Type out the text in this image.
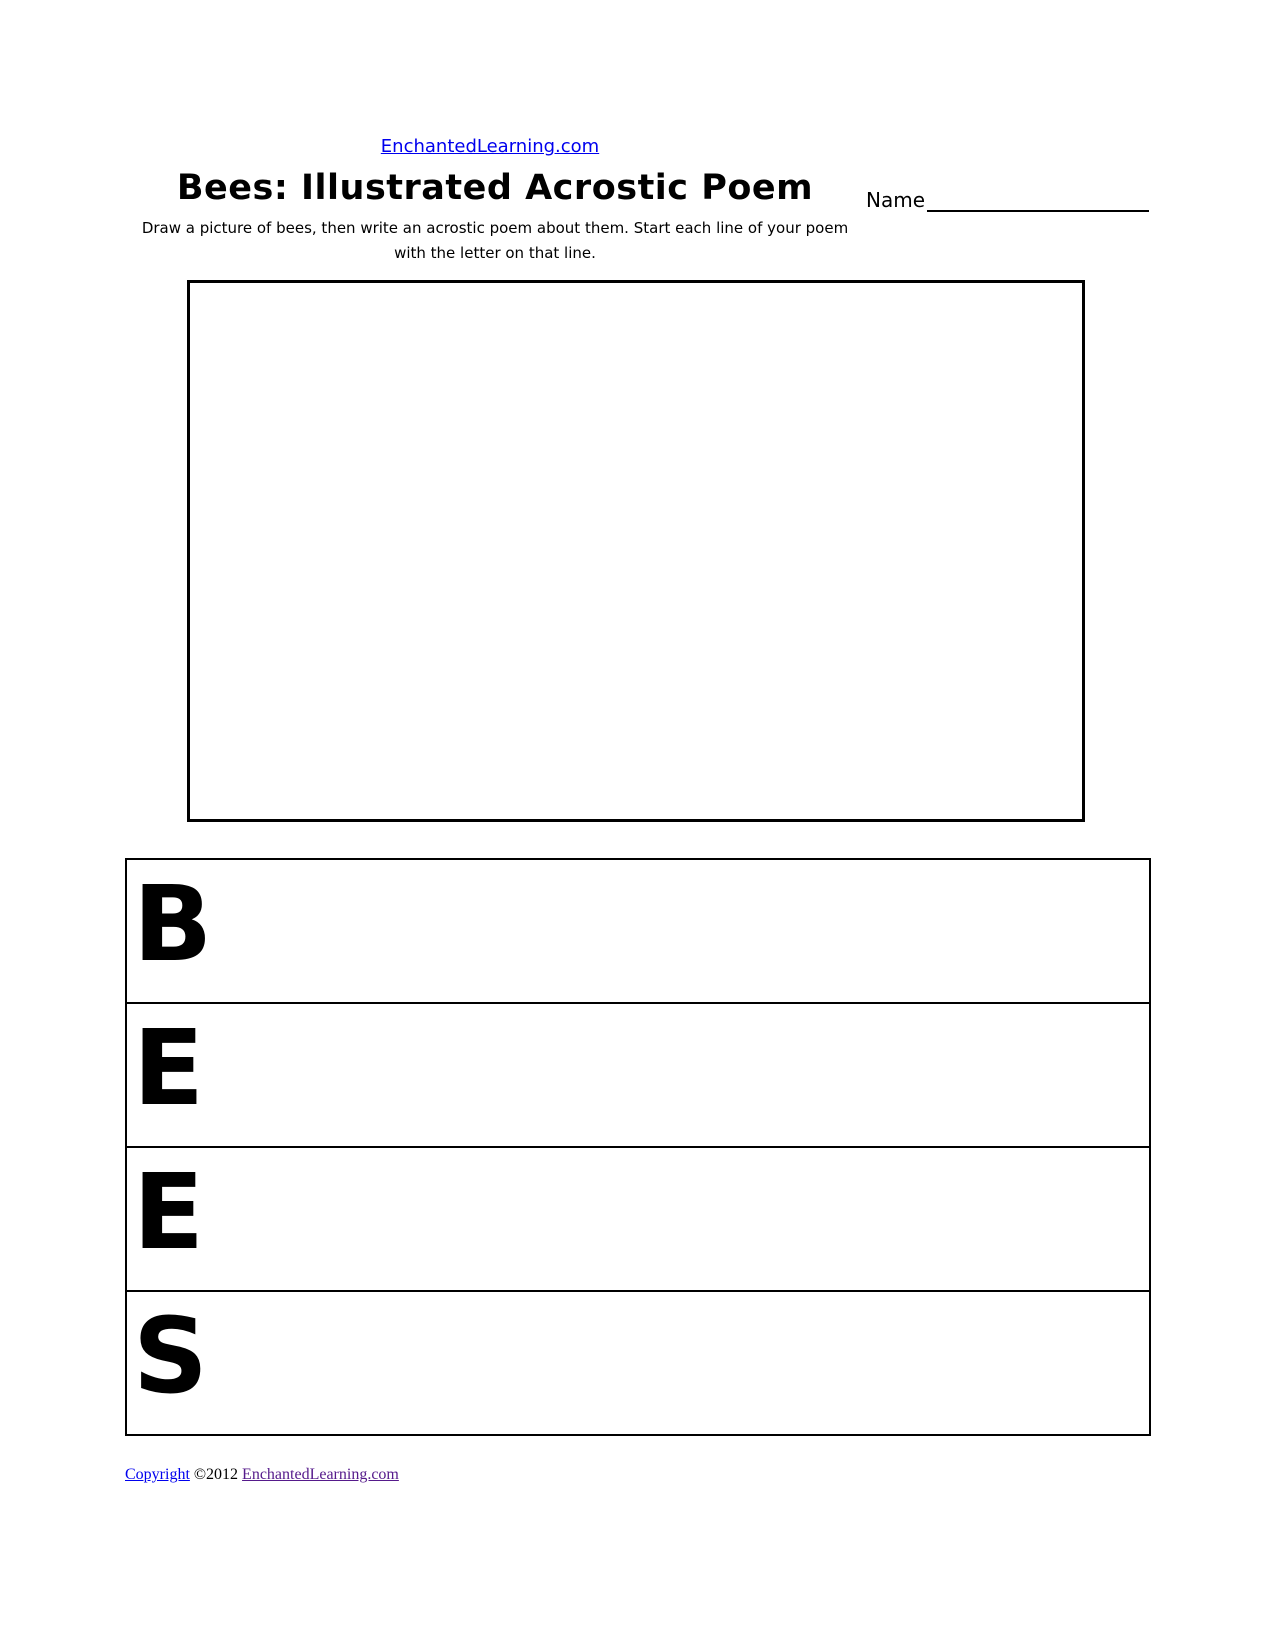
EnchantedLearning.com
Bees: Illustrated Acrostic Poem
Draw a picture of bees, then write an acrostic poem about them. Start each line of your poem with the letter on that line.
Name
B
E
E
S
Copyright ©2012 EnchantedLearning.com
